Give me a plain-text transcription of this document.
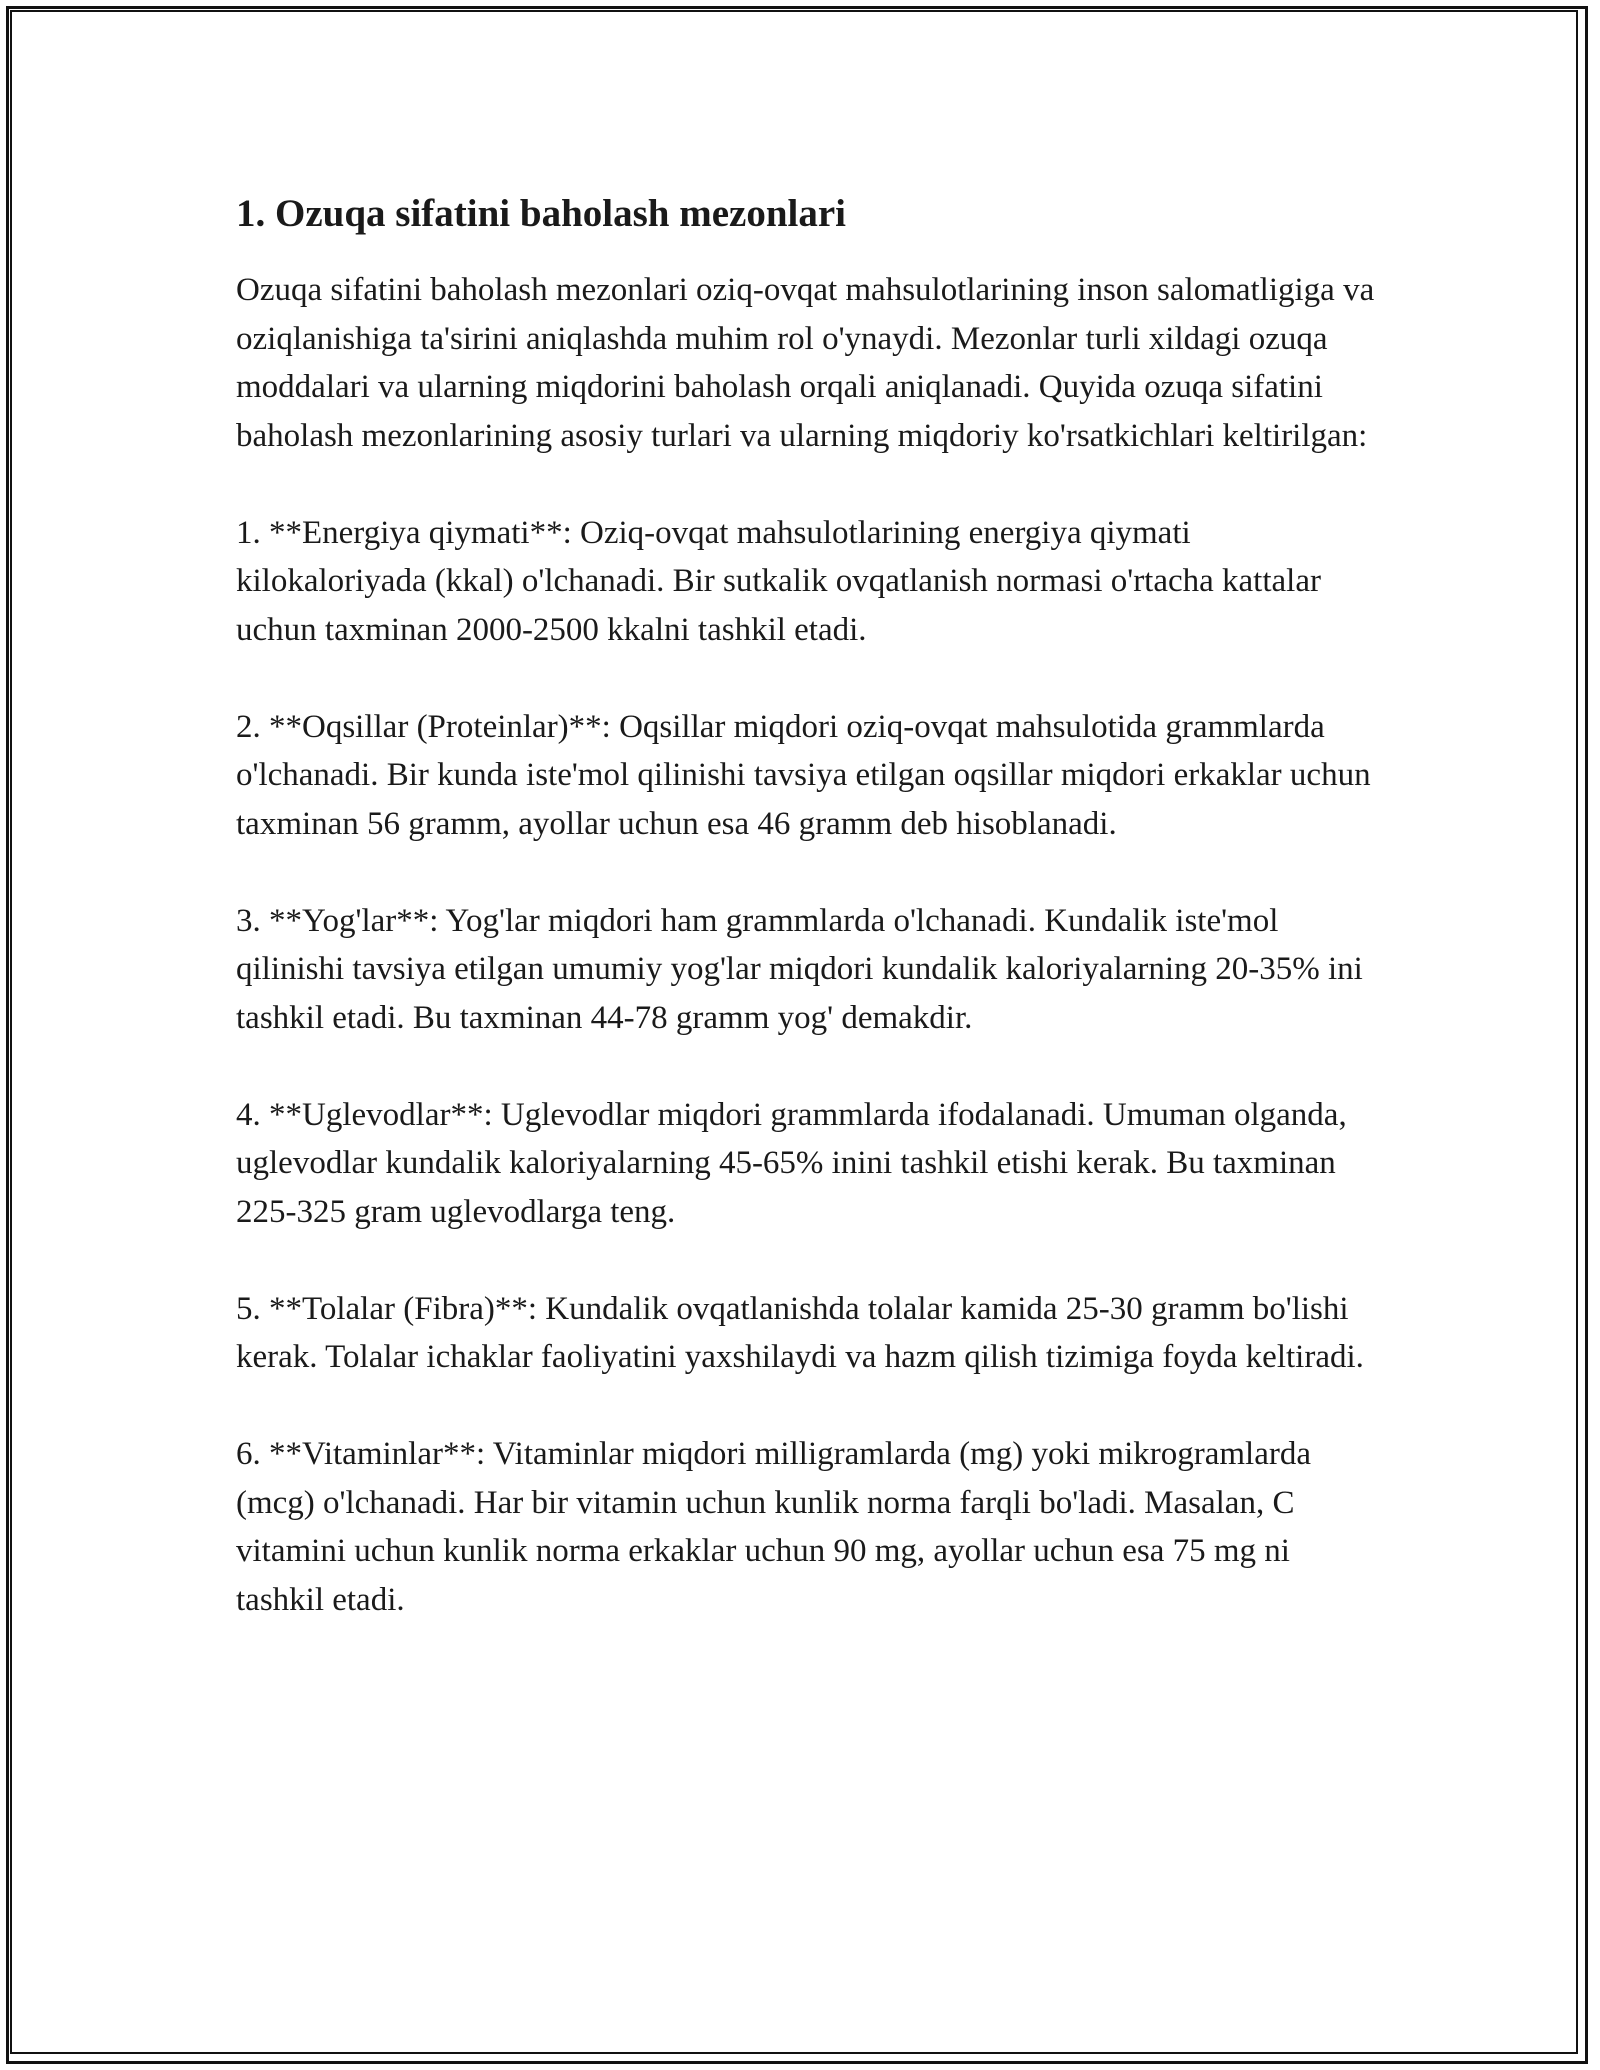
1. Ozuqa sifatini baholash mezonlari

Ozuqa sifatini baholash mezonlari oziq-ovqat mahsulotlarining inson salomatligiga va oziqlanishiga ta'sirini aniqlashda muhim rol o'ynaydi. Mezonlar turli xildagi ozuqa moddalari va ularning miqdorini baholash orqali aniqlanadi. Quyida ozuqa sifatini baholash mezonlarining asosiy turlari va ularning miqdoriy ko'rsatkichlari keltirilgan:

1. **Energiya qiymati**: Oziq-ovqat mahsulotlarining energiya qiymati kilokaloriyada (kkal) o'lchanadi. Bir sutkalik ovqatlanish normasi o'rtacha kattalar uchun taxminan 2000-2500 kkalni tashkil etadi.

2. **Oqsillar (Proteinlar)**: Oqsillar miqdori oziq-ovqat mahsulotida grammlarda o'lchanadi. Bir kunda iste'mol qilinishi tavsiya etilgan oqsillar miqdori erkaklar uchun taxminan 56 gramm, ayollar uchun esa 46 gramm deb hisoblanadi.

3. **Yog'lar**: Yog'lar miqdori ham grammlarda o'lchanadi. Kundalik iste'mol qilinishi tavsiya etilgan umumiy yog'lar miqdori kundalik kaloriyalarning 20-35% ini tashkil etadi. Bu taxminan 44-78 gramm yog' demakdir.

4. **Uglevodlar**: Uglevodlar miqdori grammlarda ifodalanadi. Umuman olganda, uglevodlar kundalik kaloriyalarning 45-65% inini tashkil etishi kerak. Bu taxminan 225-325 gram uglevodlarga teng.

5. **Tolalar (Fibra)**: Kundalik ovqatlanishda tolalar kamida 25-30 gramm bo'lishi kerak. Tolalar ichaklar faoliyatini yaxshilaydi va hazm qilish tizimiga foyda keltiradi.

6. **Vitaminlar**: Vitaminlar miqdori milligramlarda (mg) yoki mikrogramlarda (mcg) o'lchanadi. Har bir vitamin uchun kunlik norma farqli bo'ladi. Masalan, C vitamini uchun kunlik norma erkaklar uchun 90 mg, ayollar uchun esa 75 mg ni tashkil etadi.
